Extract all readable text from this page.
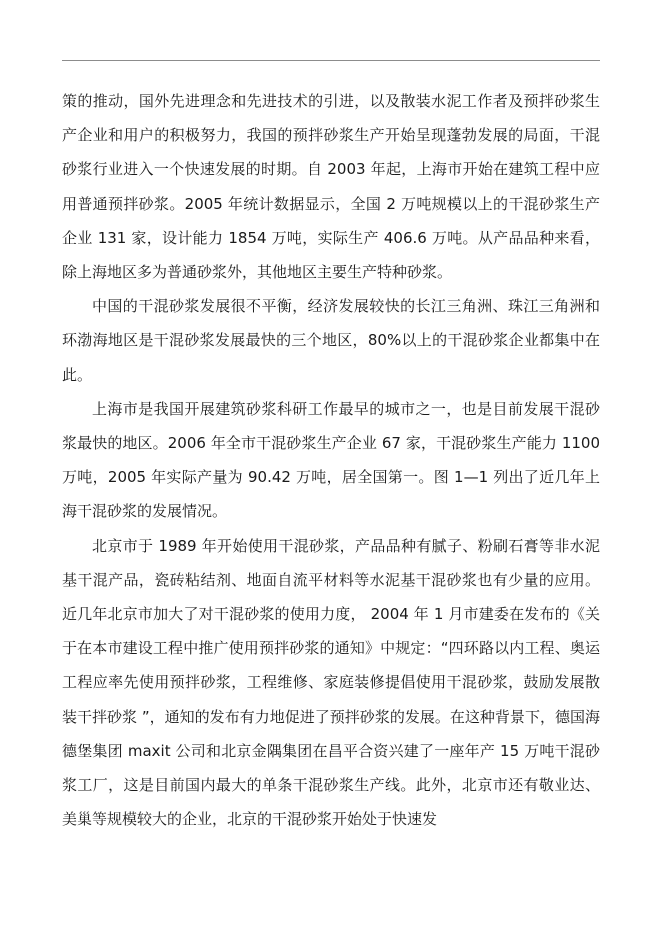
策的推动，国外先进理念和先进技术的引进，以及散装水泥工作者及预拌砂浆生产企业和用户的积极努力，我国的预拌砂浆生产开始呈现蓬勃发展的局面，干混砂浆行业进入一个快速发展的时期。自 2003 年起，上海市开始在建筑工程中应用普通预拌砂浆。2005 年统计数据显示，全国 2 万吨规模以上的干混砂浆生产企业 131 家，设计能力 1854 万吨，实际生产 406.6 万吨。从产品品种来看，除上海地区多为普通砂浆外，其他地区主要生产特种砂浆。

中国的干混砂浆发展很不平衡，经济发展较快的长江三角洲、珠江三角洲和环渤海地区是干混砂浆发展最快的三个地区，80%以上的干混砂浆企业都集中在此。

上海市是我国开展建筑砂浆科研工作最早的城市之一，也是目前发展干混砂浆最快的地区。2006 年全市干混砂浆生产企业 67 家，干混砂浆生产能力 1100 万吨，2005 年实际产量为 90.42 万吨，居全国第一。图 1—1 列出了近几年上海干混砂浆的发展情况。

北京市于 1989 年开始使用干混砂浆，产品品种有腻子、粉刷石膏等非水泥基干混产品，瓷砖粘结剂、地面自流平材料等水泥基干混砂浆也有少量的应用。近几年北京市加大了对干混砂浆的使用力度， 2004 年 1 月市建委在发布的《关于在本市建设工程中推广使用预拌砂浆的通知》中规定：“四环路以内工程、奥运工程应率先使用预拌砂浆，工程维修、家庭装修提倡使用干混砂浆，鼓励发展散装干拌砂浆 ”，通知的发布有力地促进了预拌砂浆的发展。在这种背景下，德国海德堡集团 maxit 公司和北京金隅集团在昌平合资兴建了一座年产 15 万吨干混砂浆工厂，这是目前国内最大的单条干混砂浆生产线。此外，北京市还有敬业达、美巢等规模较大的企业，北京的干混砂浆开始处于快速发
